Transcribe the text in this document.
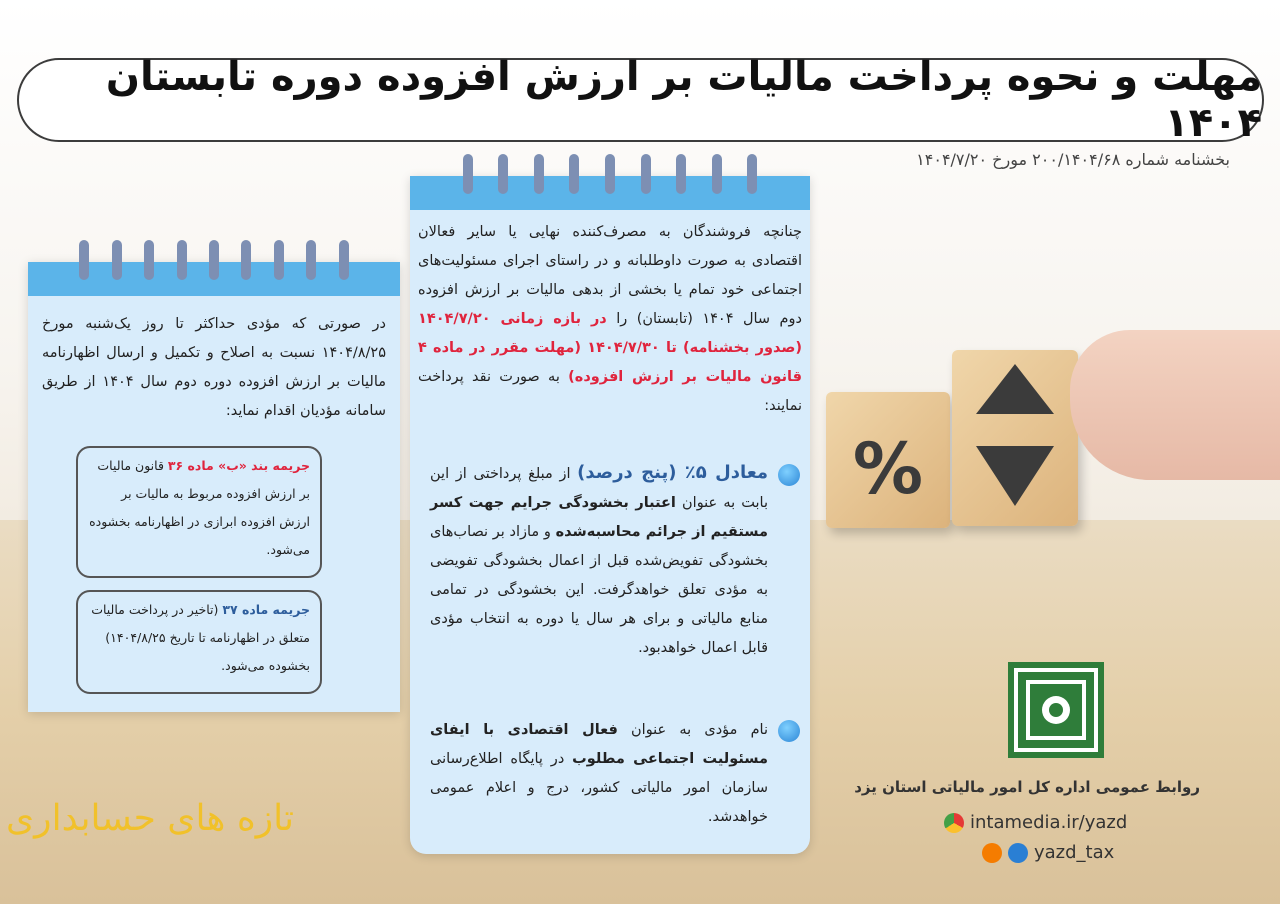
مهلت و نحوه پرداخت مالیات بر ارزش افزوده دوره تابستان ۱۴۰۴
بخشنامه شماره ۲۰۰/۱۴۰۴/۶۸ مورخ ۱۴۰۴/۷/۲۰
در صورتی که مؤدی حداکثر تا روز یک‌شنبه مورخ ۱۴۰۴/۸/۲۵ نسبت به اصلاح و تکمیل و ارسال اظهارنامه مالیات بر ارزش افزوده دوره دوم سال ۱۴۰۴ از طریق سامانه مؤدیان اقدام نماید:
جریمه بند «ب» ماده ۳۶ قانون مالیات بر ارزش افزوده مربوط به مالیات بر ارزش افزوده ابرازی در اظهارنامه بخشوده می‌شود.
جریمه ماده ۳۷ (تاخیر در پرداخت مالیات متعلق در اظهارنامه تا تاریخ ۱۴۰۴/۸/۲۵) بخشوده می‌شود.
چنانچه فروشندگان به مصرف‌کننده نهایی یا سایر فعالان اقتصادی به صورت داوطلبانه و در راستای اجرای مسئولیت‌های اجتماعی خود تمام یا بخشی از بدهی مالیات بر ارزش افزوده دوم سال ۱۴۰۴ (تابستان) را در بازه زمانی ۱۴۰۴/۷/۲۰ (صدور بخشنامه) تا ۱۴۰۴/۷/۳۰ (مهلت مقرر در ماده ۴ قانون مالیات بر ارزش افزوده) به صورت نقد پرداخت نمایند:
معادل ۵٪ (پنج درصد) از مبلغ پرداختی از این بابت به عنوان اعتبار بخشودگی جرایم جهت کسر مستقیم از جرائم محاسبه‌شده و مازاد بر نصاب‌های بخشودگی تفویض‌شده قبل از اعمال بخشودگی تفویضی به مؤدی تعلق خواهدگرفت. این بخشودگی در تمامی منابع مالیاتی و برای هر سال یا دوره به انتخاب مؤدی قابل اعمال خواهدبود.
نام مؤدی به عنوان فعال اقتصادی با ایفای مسئولیت اجتماعی مطلوب در پایگاه اطلاع‌رسانی سازمان امور مالیاتی کشور، درج و اعلام عمومی خواهدشد.
%
تازه های حسابداری
روابط عمومی اداره کل امور مالیاتی استان یزد
intamedia.ir/yazd
yazd_tax
